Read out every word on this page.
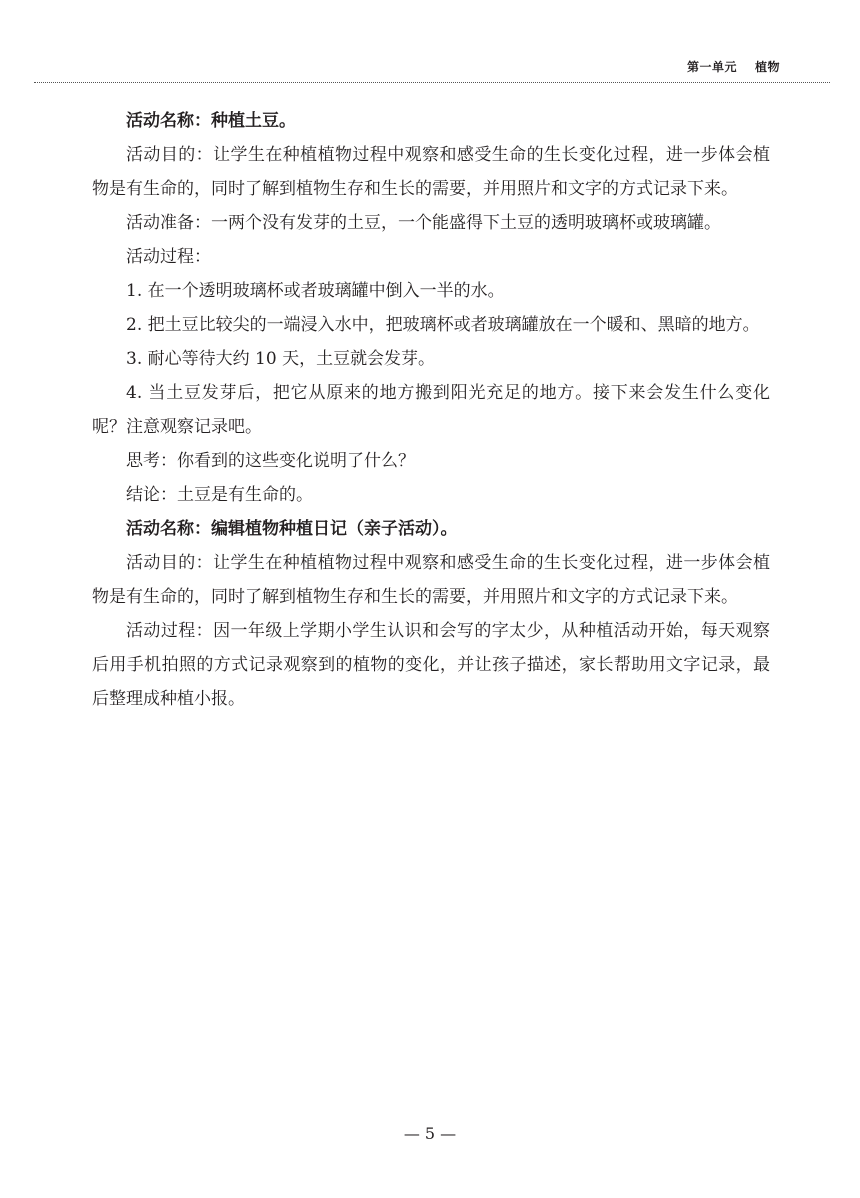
第一单元 植物

活动名称：种植土豆。

活动目的：让学生在种植植物过程中观察和感受生命的生长变化过程，进一步体会植物是有生命的，同时了解到植物生存和生长的需要，并用照片和文字的方式记录下来。

活动准备：一两个没有发芽的土豆，一个能盛得下土豆的透明玻璃杯或玻璃罐。

活动过程：

1. 在一个透明玻璃杯或者玻璃罐中倒入一半的水。

2. 把土豆比较尖的一端浸入水中，把玻璃杯或者玻璃罐放在一个暖和、黑暗的地方。

3. 耐心等待大约 10 天，土豆就会发芽。

4. 当土豆发芽后，把它从原来的地方搬到阳光充足的地方。接下来会发生什么变化呢？注意观察记录吧。

思考：你看到的这些变化说明了什么？

结论：土豆是有生命的。

活动名称：编辑植物种植日记（亲子活动）。

活动目的：让学生在种植植物过程中观察和感受生命的生长变化过程，进一步体会植物是有生命的，同时了解到植物生存和生长的需要，并用照片和文字的方式记录下来。

活动过程：因一年级上学期小学生认识和会写的字太少，从种植活动开始，每天观察后用手机拍照的方式记录观察到的植物的变化，并让孩子描述，家长帮助用文字记录，最后整理成种植小报。

— 5 —
